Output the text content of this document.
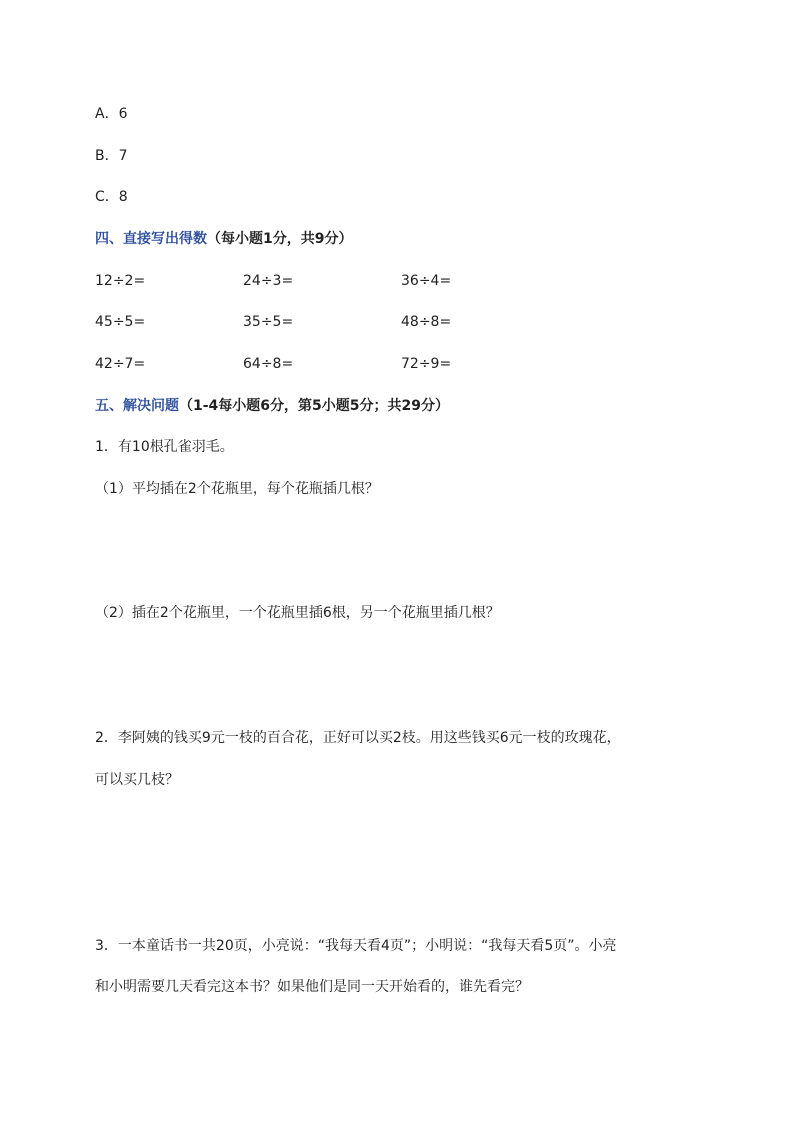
A．6

B．7

C．8

四、直接写出得数（每小题1分，共9分）

12÷2=	24÷3=	36÷4=
45÷5=	35÷5=	48÷8=
42÷7=	64÷8=	72÷9=

五、解决问题（1-4每小题6分，第5小题5分；共29分）

1．有10根孔雀羽毛。

（1）平均插在2个花瓶里，每个花瓶插几根？

（2）插在2个花瓶里，一个花瓶里插6根，另一个花瓶里插几根？

2．李阿姨的钱买9元一枝的百合花，正好可以买2枝。用这些钱买6元一枝的玫瑰花，

可以买几枝？

3．一本童话书一共20页，小亮说：“我每天看4页”；小明说：“我每天看5页”。小亮

和小明需要几天看完这本书？如果他们是同一天开始看的，谁先看完？
